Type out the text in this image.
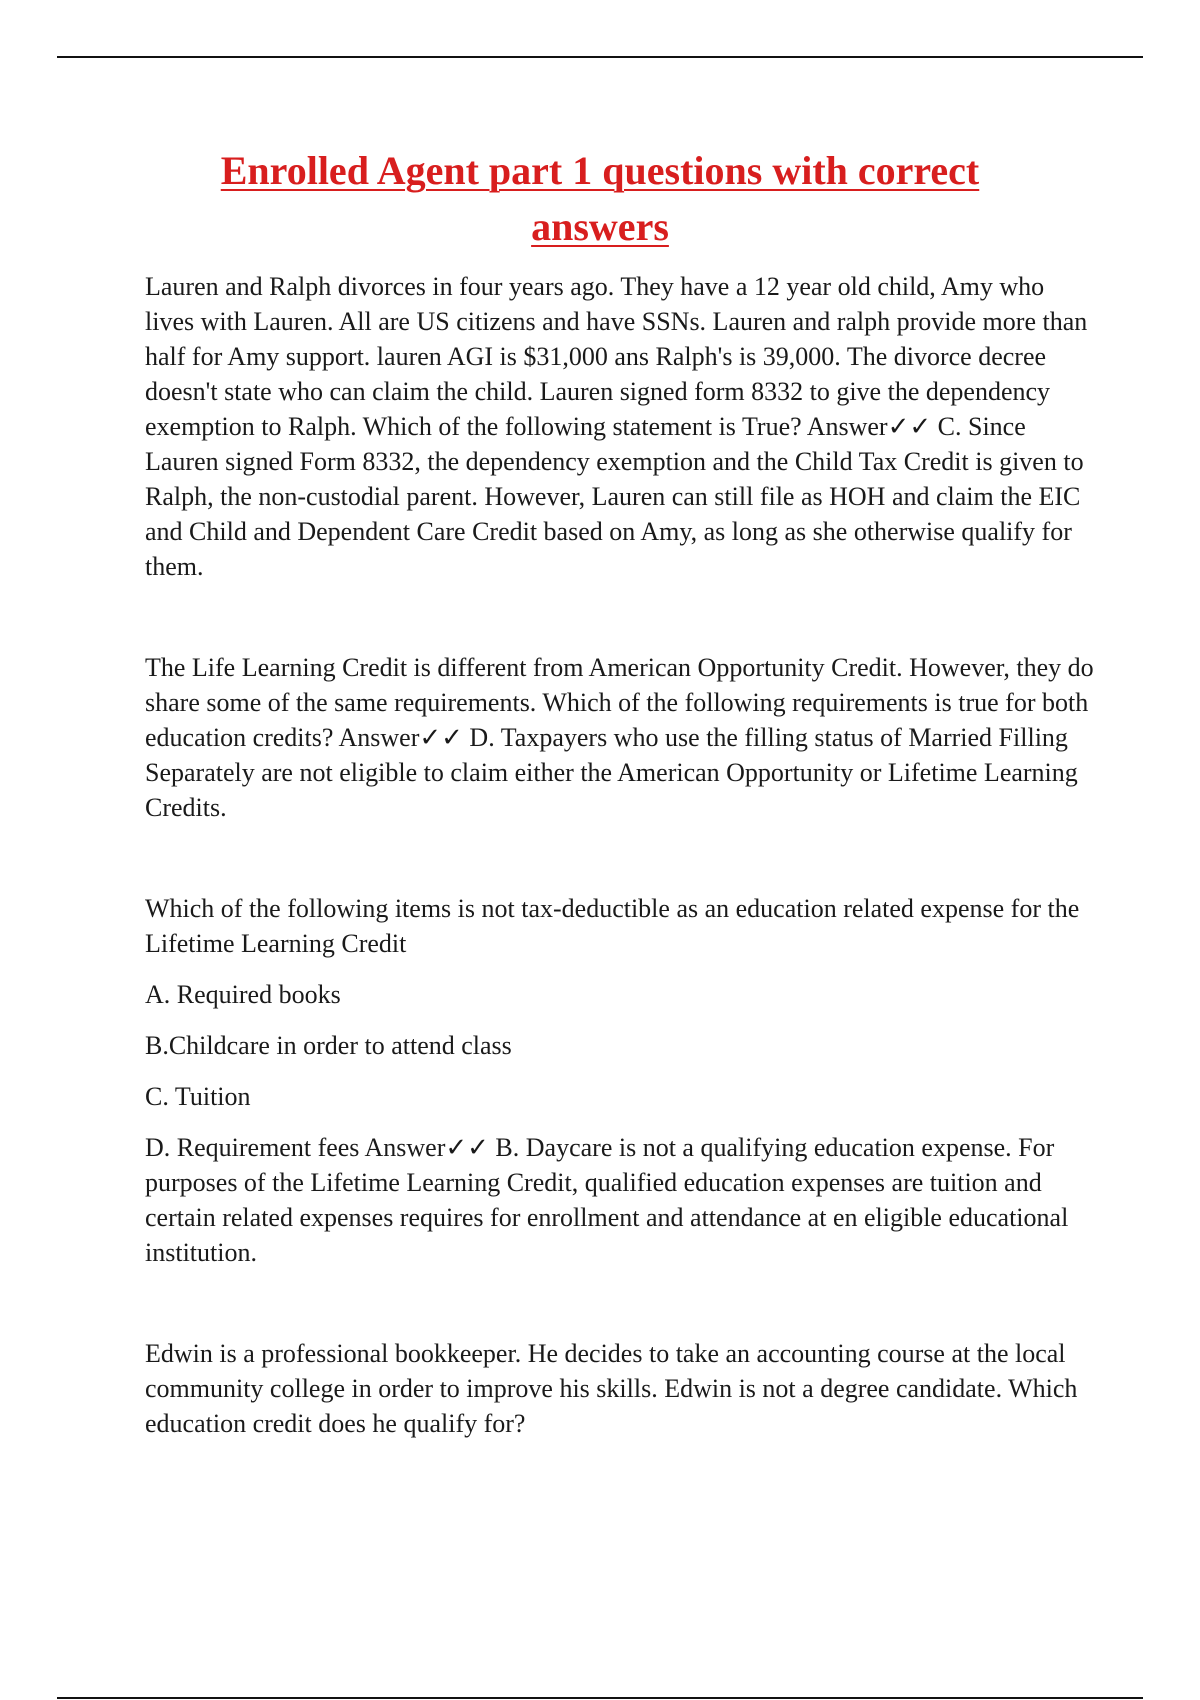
Enrolled Agent part 1 questions with correct answers

Lauren and Ralph divorces in four years ago. They have a 12 year old child, Amy who lives with Lauren. All are US citizens and have SSNs. Lauren and ralph provide more than half for Amy support. lauren AGI is $31,000 ans Ralph's is 39,000. The divorce decree doesn't state who can claim the child. Lauren signed form 8332 to give the dependency exemption to Ralph. Which of the following statement is True? Answer✓✓ C. Since Lauren signed Form 8332, the dependency exemption and the Child Tax Credit is given to Ralph, the non-custodial parent. However, Lauren can still file as HOH and claim the EIC and Child and Dependent Care Credit based on Amy, as long as she otherwise qualify for them.

The Life Learning Credit is different from American Opportunity Credit. However, they do share some of the same requirements. Which of the following requirements is true for both education credits? Answer✓✓ D. Taxpayers who use the filling status of Married Filling Separately are not eligible to claim either the American Opportunity or Lifetime Learning Credits.

Which of the following items is not tax-deductible as an education related expense for the Lifetime Learning Credit

A. Required books

B.Childcare in order to attend class

C. Tuition

D. Requirement fees Answer✓✓ B. Daycare is not a qualifying education expense. For purposes of the Lifetime Learning Credit, qualified education expenses are tuition and certain related expenses requires for enrollment and attendance at en eligible educational institution.

Edwin is a professional bookkeeper. He decides to take an accounting course at the local community college in order to improve his skills. Edwin is not a degree candidate. Which education credit does he qualify for?
